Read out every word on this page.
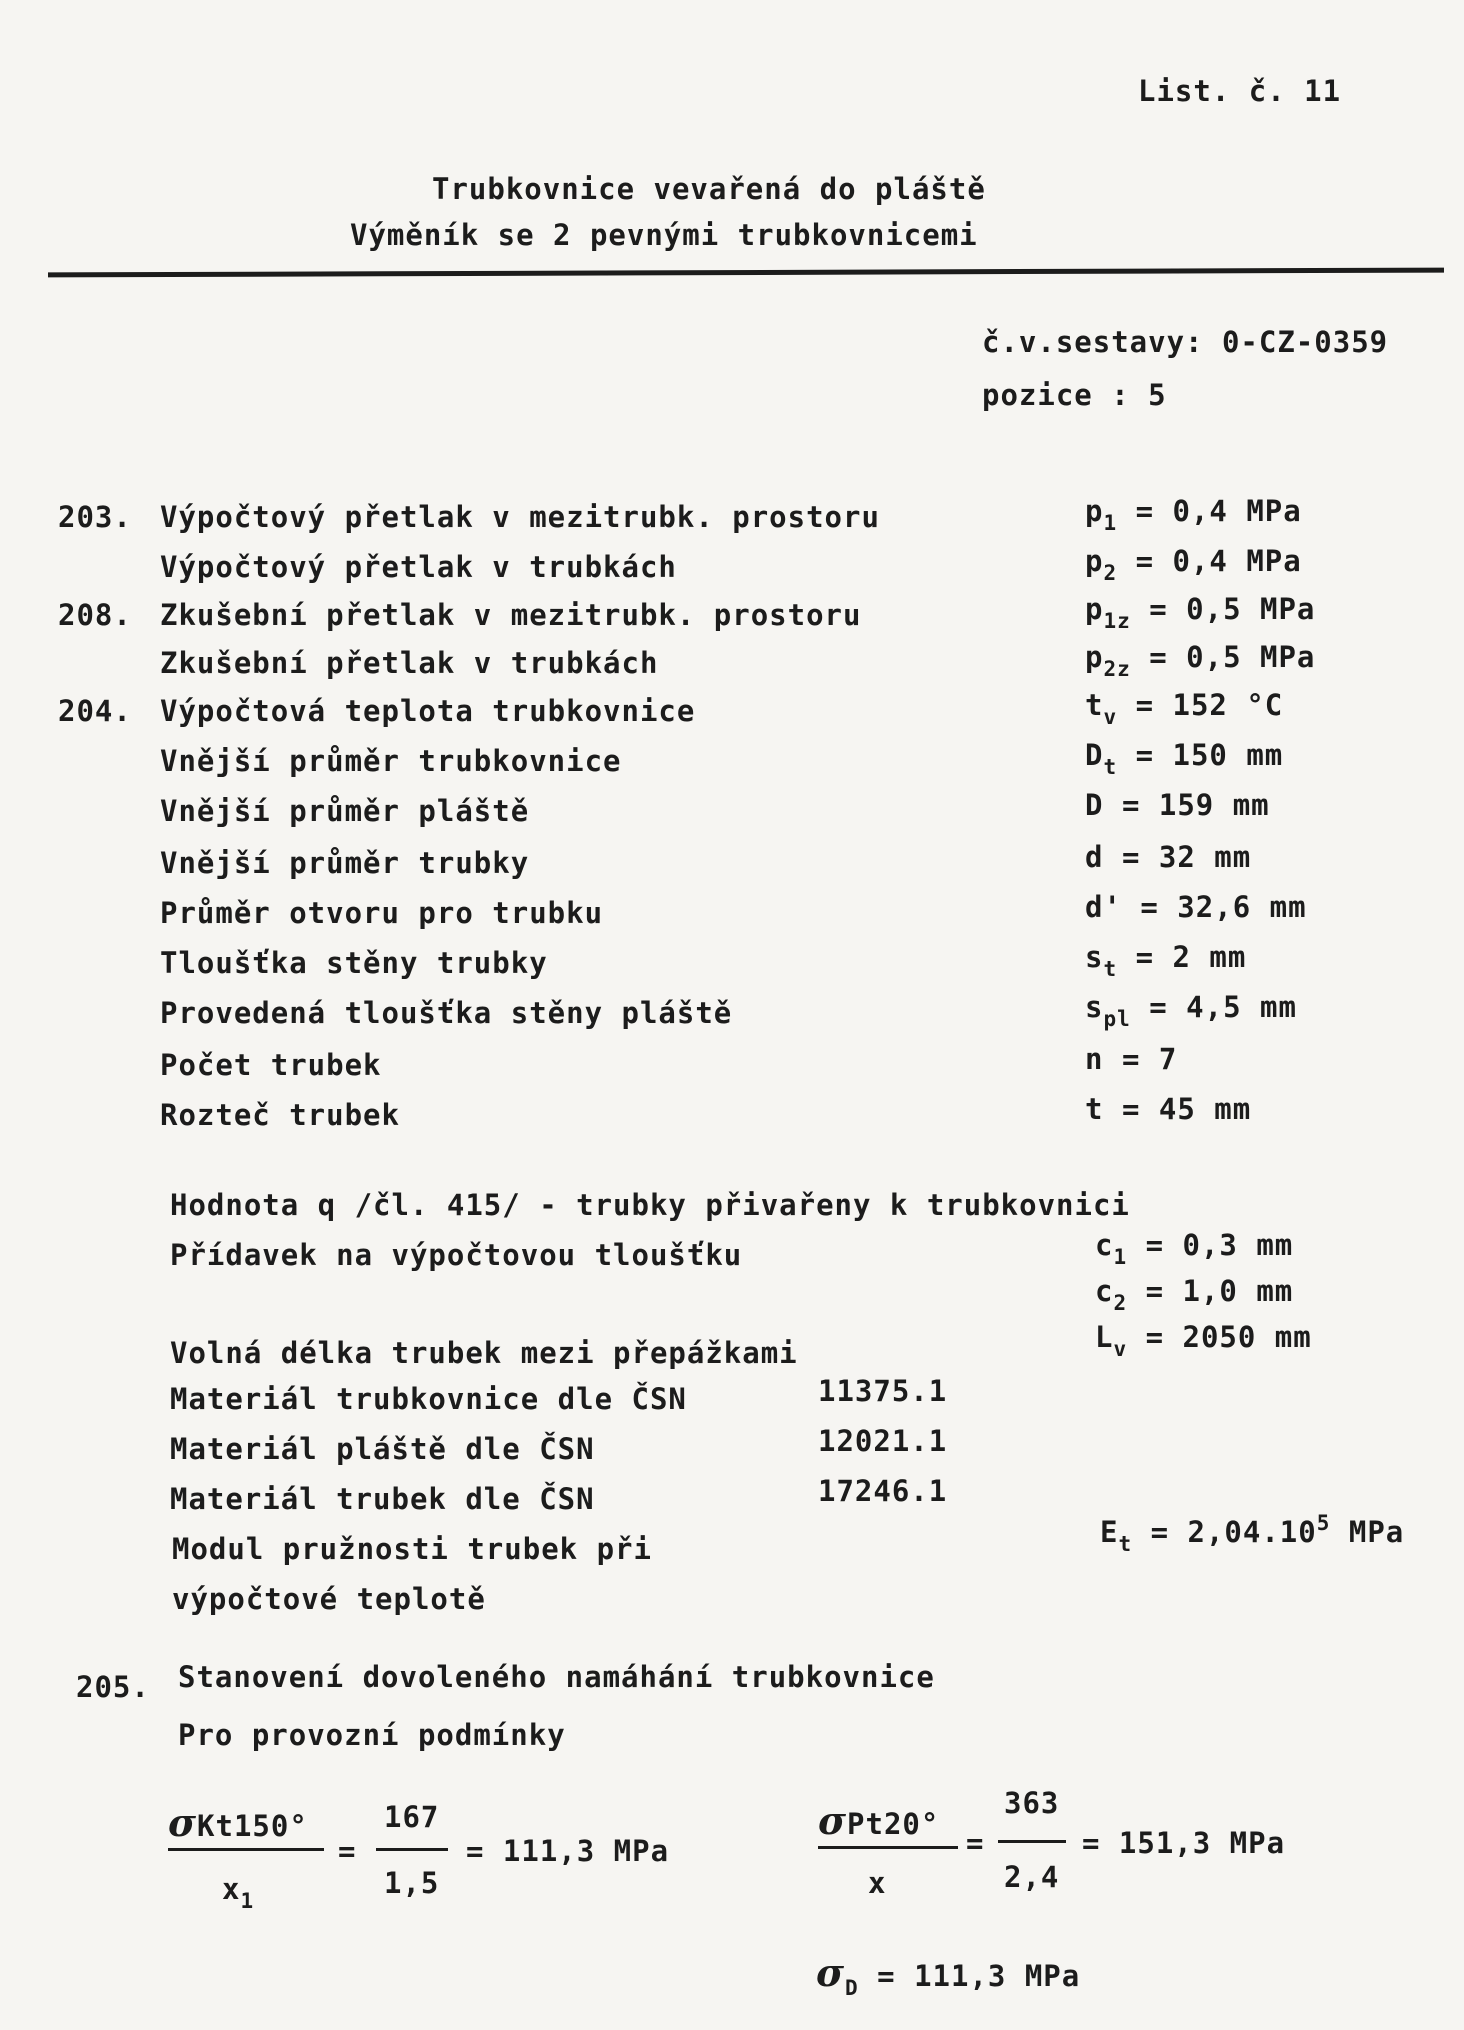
List. č. 11
Trubkovnice vevařená do pláště
Výměník se 2 pevnými trubkovnicemi
č.v.sestavy: 0-CZ-0359
pozice : 5
203. Výpočtový přetlak v mezitrubk. prostoru	$p_1 = 0,4$ MPa
Výpočtový přetlak v trubkách	$p_2 = 0,4$ MPa
208. Zkušební přetlak v mezitrubk. prostoru	$p_{1z} = 0,5$ MPa
Zkušební přetlak v trubkách	$p_{2z} = 0,5$ MPa
204. Výpočtová teplota trubkovnice	$t_v = 152$ °C
Vnější průměr trubkovnice	$D_t = 150$ mm
Vnější průměr pláště	D = 159 mm
Vnější průměr trubky	d = 32 mm
Průměr otvoru pro trubku	d' = 32,6 mm
Tloušťka stěny trubky	$s_t = 2$ mm
Provedená tloušťka stěny pláště	$s_{pl} = 4,5$ mm
Počet trubek	n = 7
Rozteč trubek	t = 45 mm
Hodnota q /čl. 415/ - trubky přivařeny k trubkovnici
Přídavek na výpočtovou tloušťku	$c_1 = 0,3$ mm
$c_2 = 1,0$ mm
Volná délka trubek mezi přepážkami	$L_v = 2050$ mm
Materiál trubkovnice dle ČSN	11375.1
Materiál pláště dle ČSN	12021.1
Materiál trubek dle ČSN	17246.1
Modul pružnosti trubek při
výpočtové teplotě
$E_t = 2,04.10^5$ MPa
205. Stanovení dovoleného namáhání trubkovnice
Pro provozní podmínky
σKt150°
$x_1$
=
167
1,5
= 111,3 MPa
σPt20°
x
=
363
2,4
= 151,3 MPa
$\sigma_D = 111,3$ MPa
